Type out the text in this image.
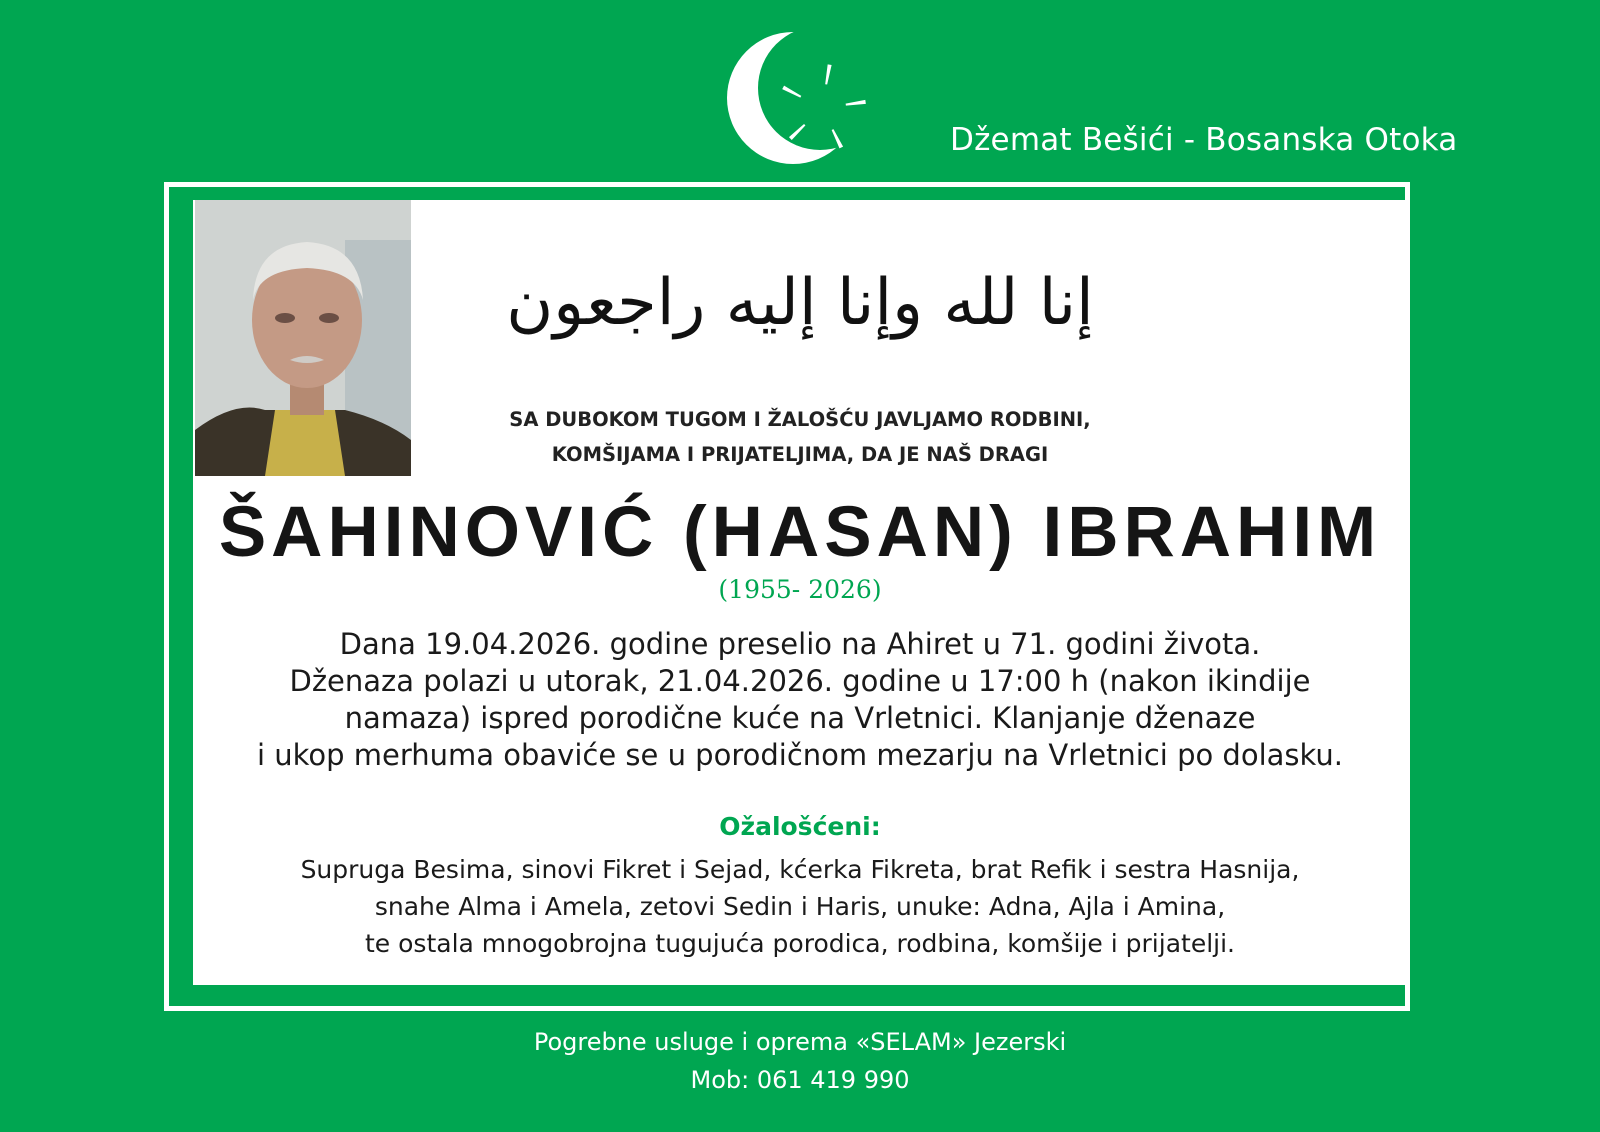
Džemat Bešići - Bosanska Otoka
إنا لله وإنا إليه راجعون
SA DUBOKOM TUGOM I ŽALOŠĆU JAVLJAMO RODBINI,
KOMŠIJAMA I PRIJATELJIMA, DA JE NAŠ DRAGI
ŠAHINOVIĆ (HASAN) IBRAHIM
(1955- 2026)
Dana 19.04.2026. godine preselio na Ahiret u 71. godini života.
Dženaza polazi u utorak, 21.04.2026. godine u 17:00 h (nakon ikindije
namaza) ispred porodične kuće na Vrletnici. Klanjanje dženaze
i ukop merhuma obaviće se u porodičnom mezarju na Vrletnici po dolasku.
Ožalošćeni:
Supruga Besima, sinovi Fikret i Sejad, kćerka Fikreta, brat Refik i sestra Hasnija,
snahe Alma i Amela, zetovi Sedin i Haris, unuke: Adna, Ajla i Amina,
te ostala mnogobrojna tugujuća porodica, rodbina, komšije i prijatelji.
Pogrebne usluge i oprema «SELAM» Jezerski
Mob: 061 419 990
